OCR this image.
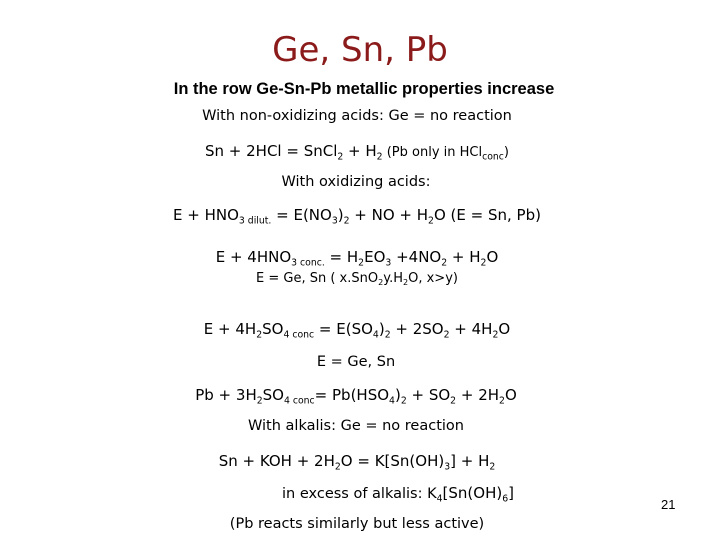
Ge, Sn, Pb
In the row Ge-Sn-Pb metallic properties increase
With non-oxidizing acids: Ge = no reaction
Sn + 2HCl = SnCl$_2$ + $H_2$ (Pb only in HCl$_{conc}$)
With oxidizing acids:
$E + HNO_3$ $_{dilut.} = E(NO_3)_2$ + NO + $H_2O$ (E = Sn, Pb)
$E + 4HNO_3$ $_{conc.} = H_2EO_3 +4NO_2 + H_2O$
E = Ge, Sn ( $x.SnO_2y.H_2O$, x>y)
$E + 4H_2SO_4$ $_{conc} = E(SO_4)_2 + 2SO_2 + 4H_2O$
E = Ge, Sn
$Pb + 3H_2SO_4$ $_{conc}= Pb(HSO_4)_2 + SO_2 + 2H_2O$
With alkalis: Ge = no reaction
Sn + KOH + $2H_2O = K[Sn(OH)_3] + H_2$
in excess of alkalis: $K_4[Sn(OH)_6]$
(Pb reacts similarly but less active)
21
